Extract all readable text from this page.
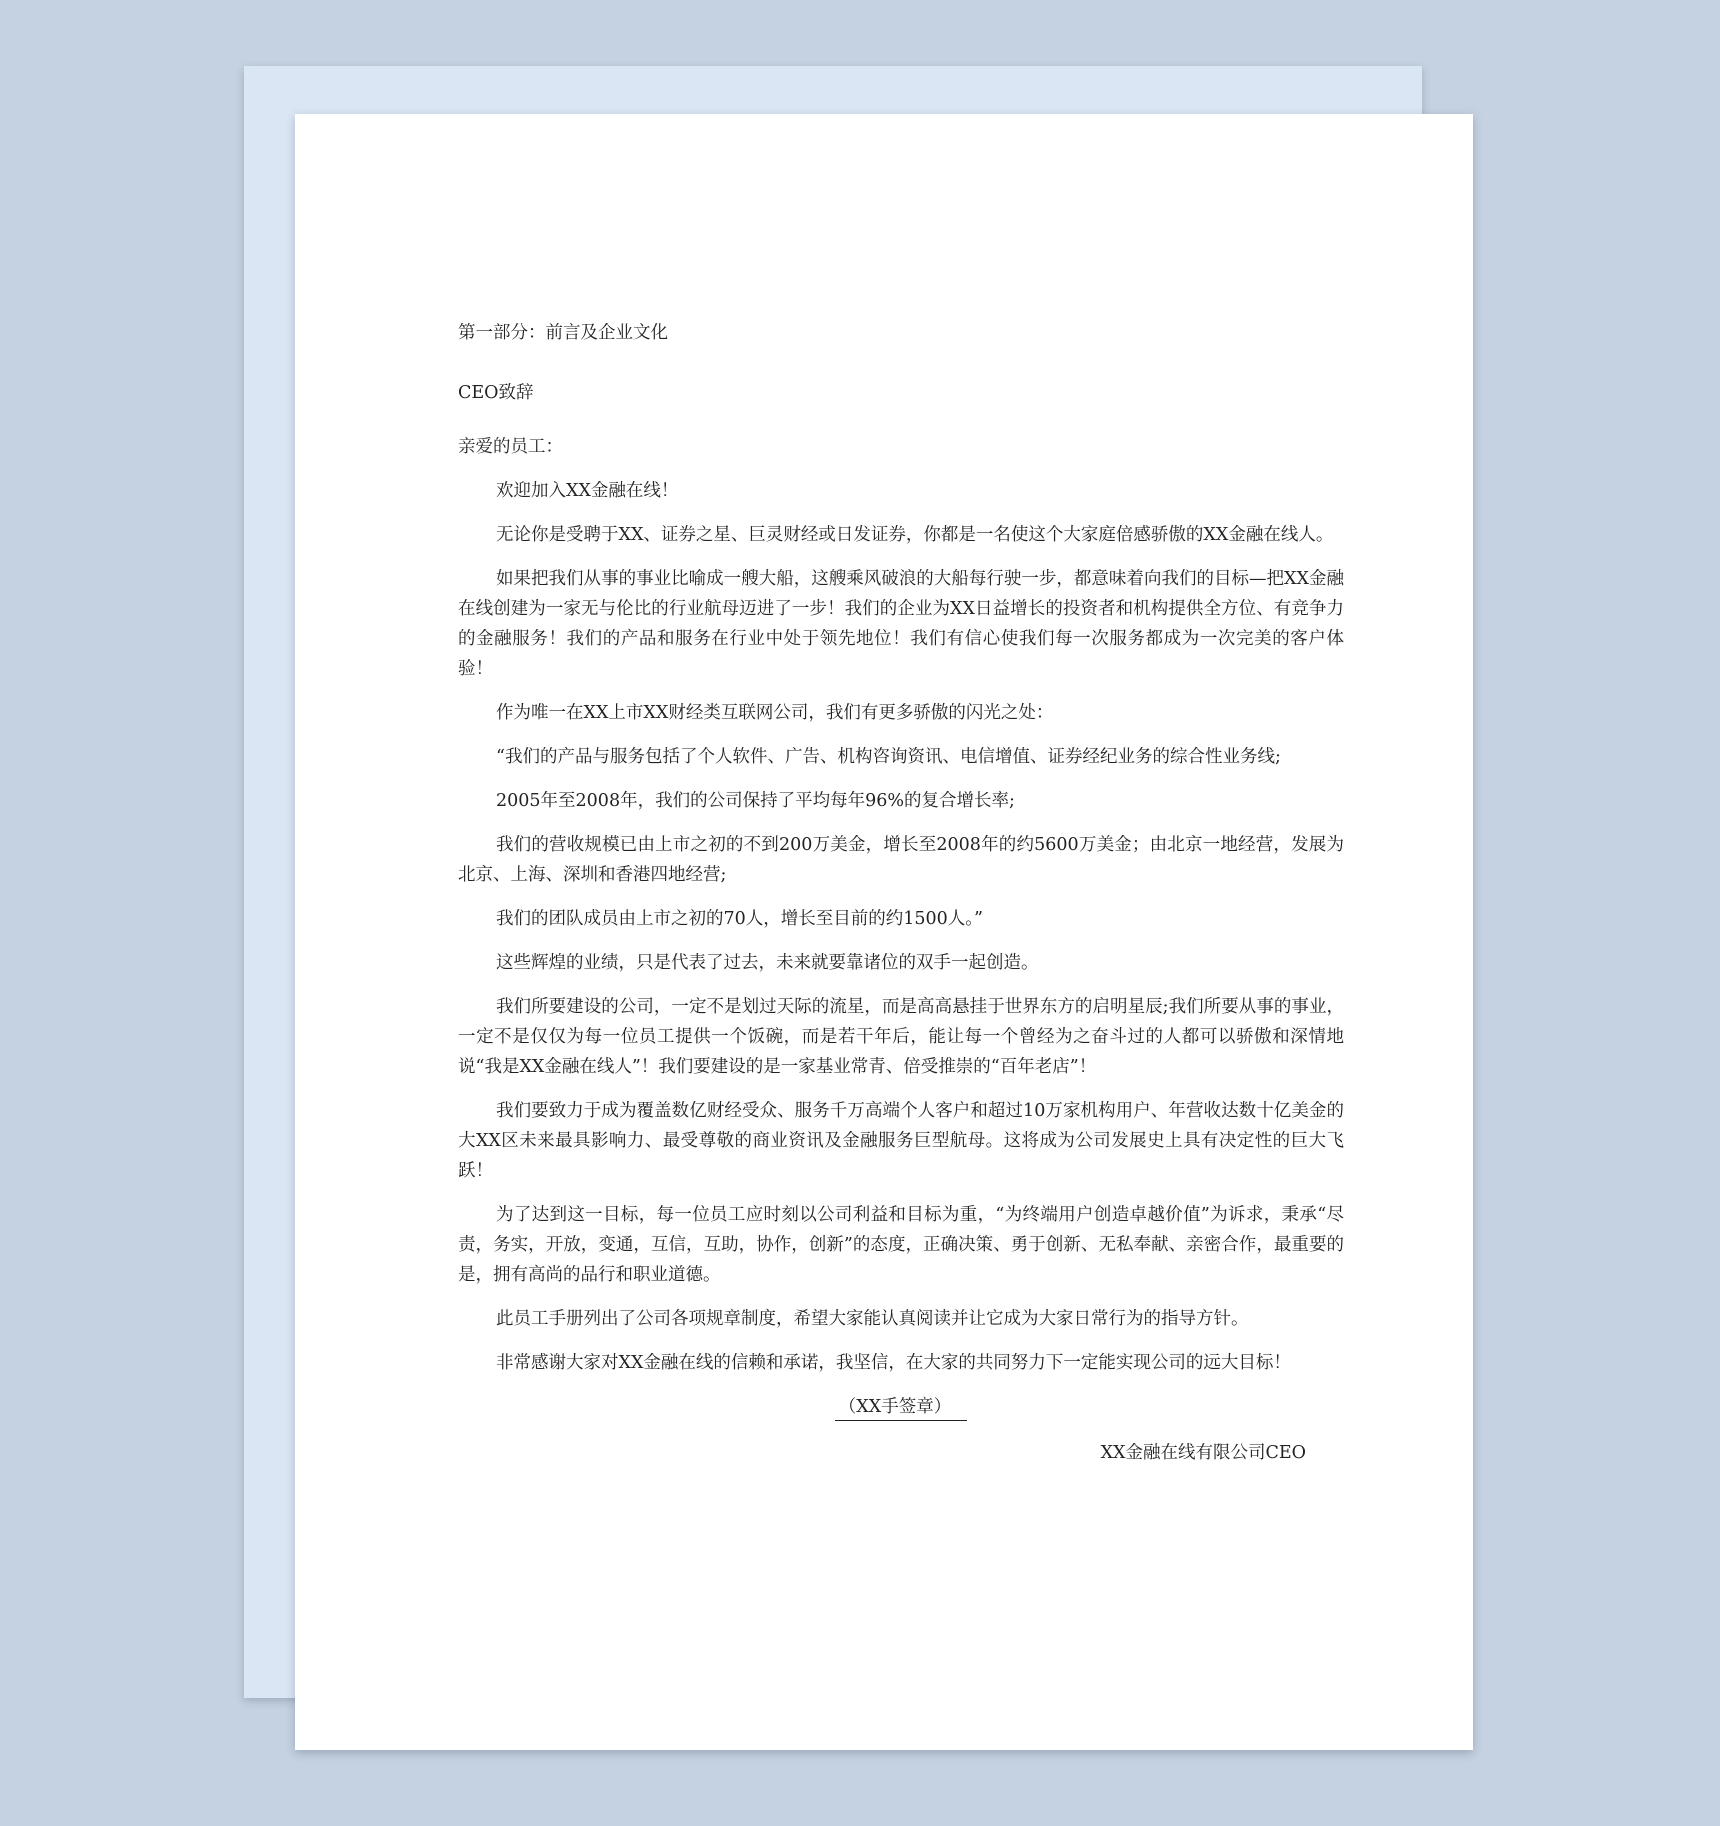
第一部分：前言及企业文化

CEO致辞

亲爱的员工：

欢迎加入XX金融在线！

无论你是受聘于XX、证券之星、巨灵财经或日发证券，你都是一名使这个大家庭倍感骄傲的XX金融在线人。

如果把我们从事的事业比喻成一艘大船，这艘乘风破浪的大船每行驶一步，都意味着向我们的目标—把XX金融在线创建为一家无与伦比的行业航母迈进了一步！我们的企业为XX日益增长的投资者和机构提供全方位、有竞争力的金融服务！我们的产品和服务在行业中处于领先地位！我们有信心使我们每一次服务都成为一次完美的客户体验！

作为唯一在XX上市XX财经类互联网公司，我们有更多骄傲的闪光之处：

“我们的产品与服务包括了个人软件、广告、机构咨询资讯、电信增值、证券经纪业务的综合性业务线;

2005年至2008年，我们的公司保持了平均每年96%的复合增长率;

我们的营收规模已由上市之初的不到200万美金，增长至2008年的约5600万美金；由北京一地经营，发展为北京、上海、深圳和香港四地经营;

我们的团队成员由上市之初的70人，增长至目前的约1500人。”

这些辉煌的业绩，只是代表了过去，未来就要靠诸位的双手一起创造。

我们所要建设的公司，一定不是划过天际的流星，而是高高悬挂于世界东方的启明星辰;我们所要从事的事业，一定不是仅仅为每一位员工提供一个饭碗，而是若干年后，能让每一个曾经为之奋斗过的人都可以骄傲和深情地说“我是XX金融在线人”！我们要建设的是一家基业常青、倍受推崇的“百年老店”！

我们要致力于成为覆盖数亿财经受众、服务千万高端个人客户和超过10万家机构用户、年营收达数十亿美金的大XX区未来最具影响力、最受尊敬的商业资讯及金融服务巨型航母。这将成为公司发展史上具有决定性的巨大飞跃！

为了达到这一目标，每一位员工应时刻以公司利益和目标为重，“为终端用户创造卓越价值”为诉求，秉承“尽责，务实，开放，变通，互信，互助，协作，创新”的态度，正确决策、勇于创新、无私奉献、亲密合作，最重要的是，拥有高尚的品行和职业道德。

此员工手册列出了公司各项规章制度，希望大家能认真阅读并让它成为大家日常行为的指导方针。

非常感谢大家对XX金融在线的信赖和承诺，我坚信，在大家的共同努力下一定能实现公司的远大目标！

（XX手签章）

XX金融在线有限公司CEO
